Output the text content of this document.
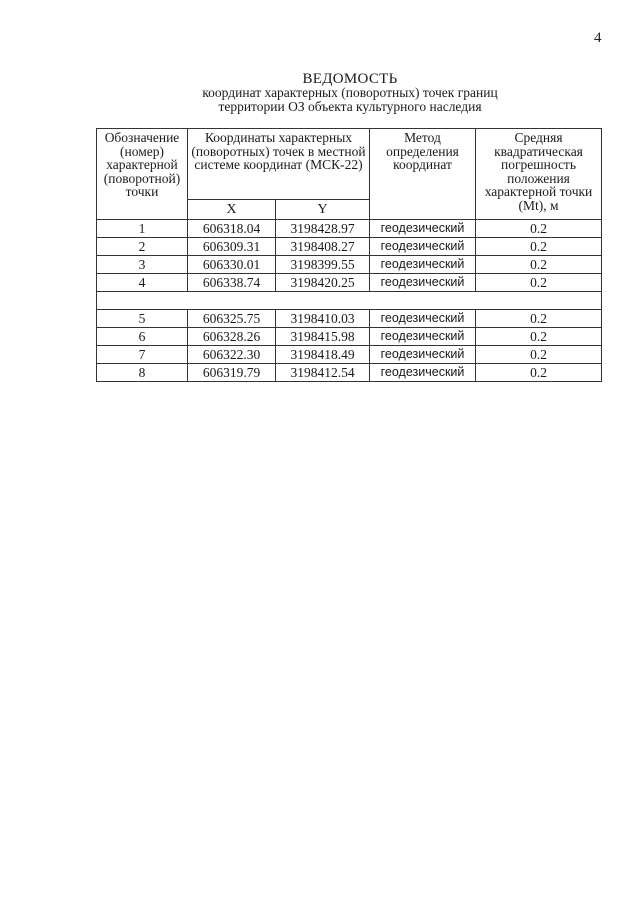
4
ВЕДОМОСТЬ
координат характерных (поворотных) точек границ
территории ОЗ объекта культурного наследия
Обозначение (номер) характерной (поворотной) точки	Координаты характерных (поворотных) точек в местной системе координат (МСК-22)		Метод определения координат	Средняя квадратическая погрешность положения характерной точки (Mt), м
	X	Y		
1	606318.04	3198428.97	геодезический	0.2
2	606309.31	3198408.27	геодезический	0.2
3	606330.01	3198399.55	геодезический	0.2
4	606338.74	3198420.25	геодезический	0.2

5	606325.75	3198410.03	геодезический	0.2
6	606328.26	3198415.98	геодезический	0.2
7	606322.30	3198418.49	геодезический	0.2
8	606319.79	3198412.54	геодезический	0.2
